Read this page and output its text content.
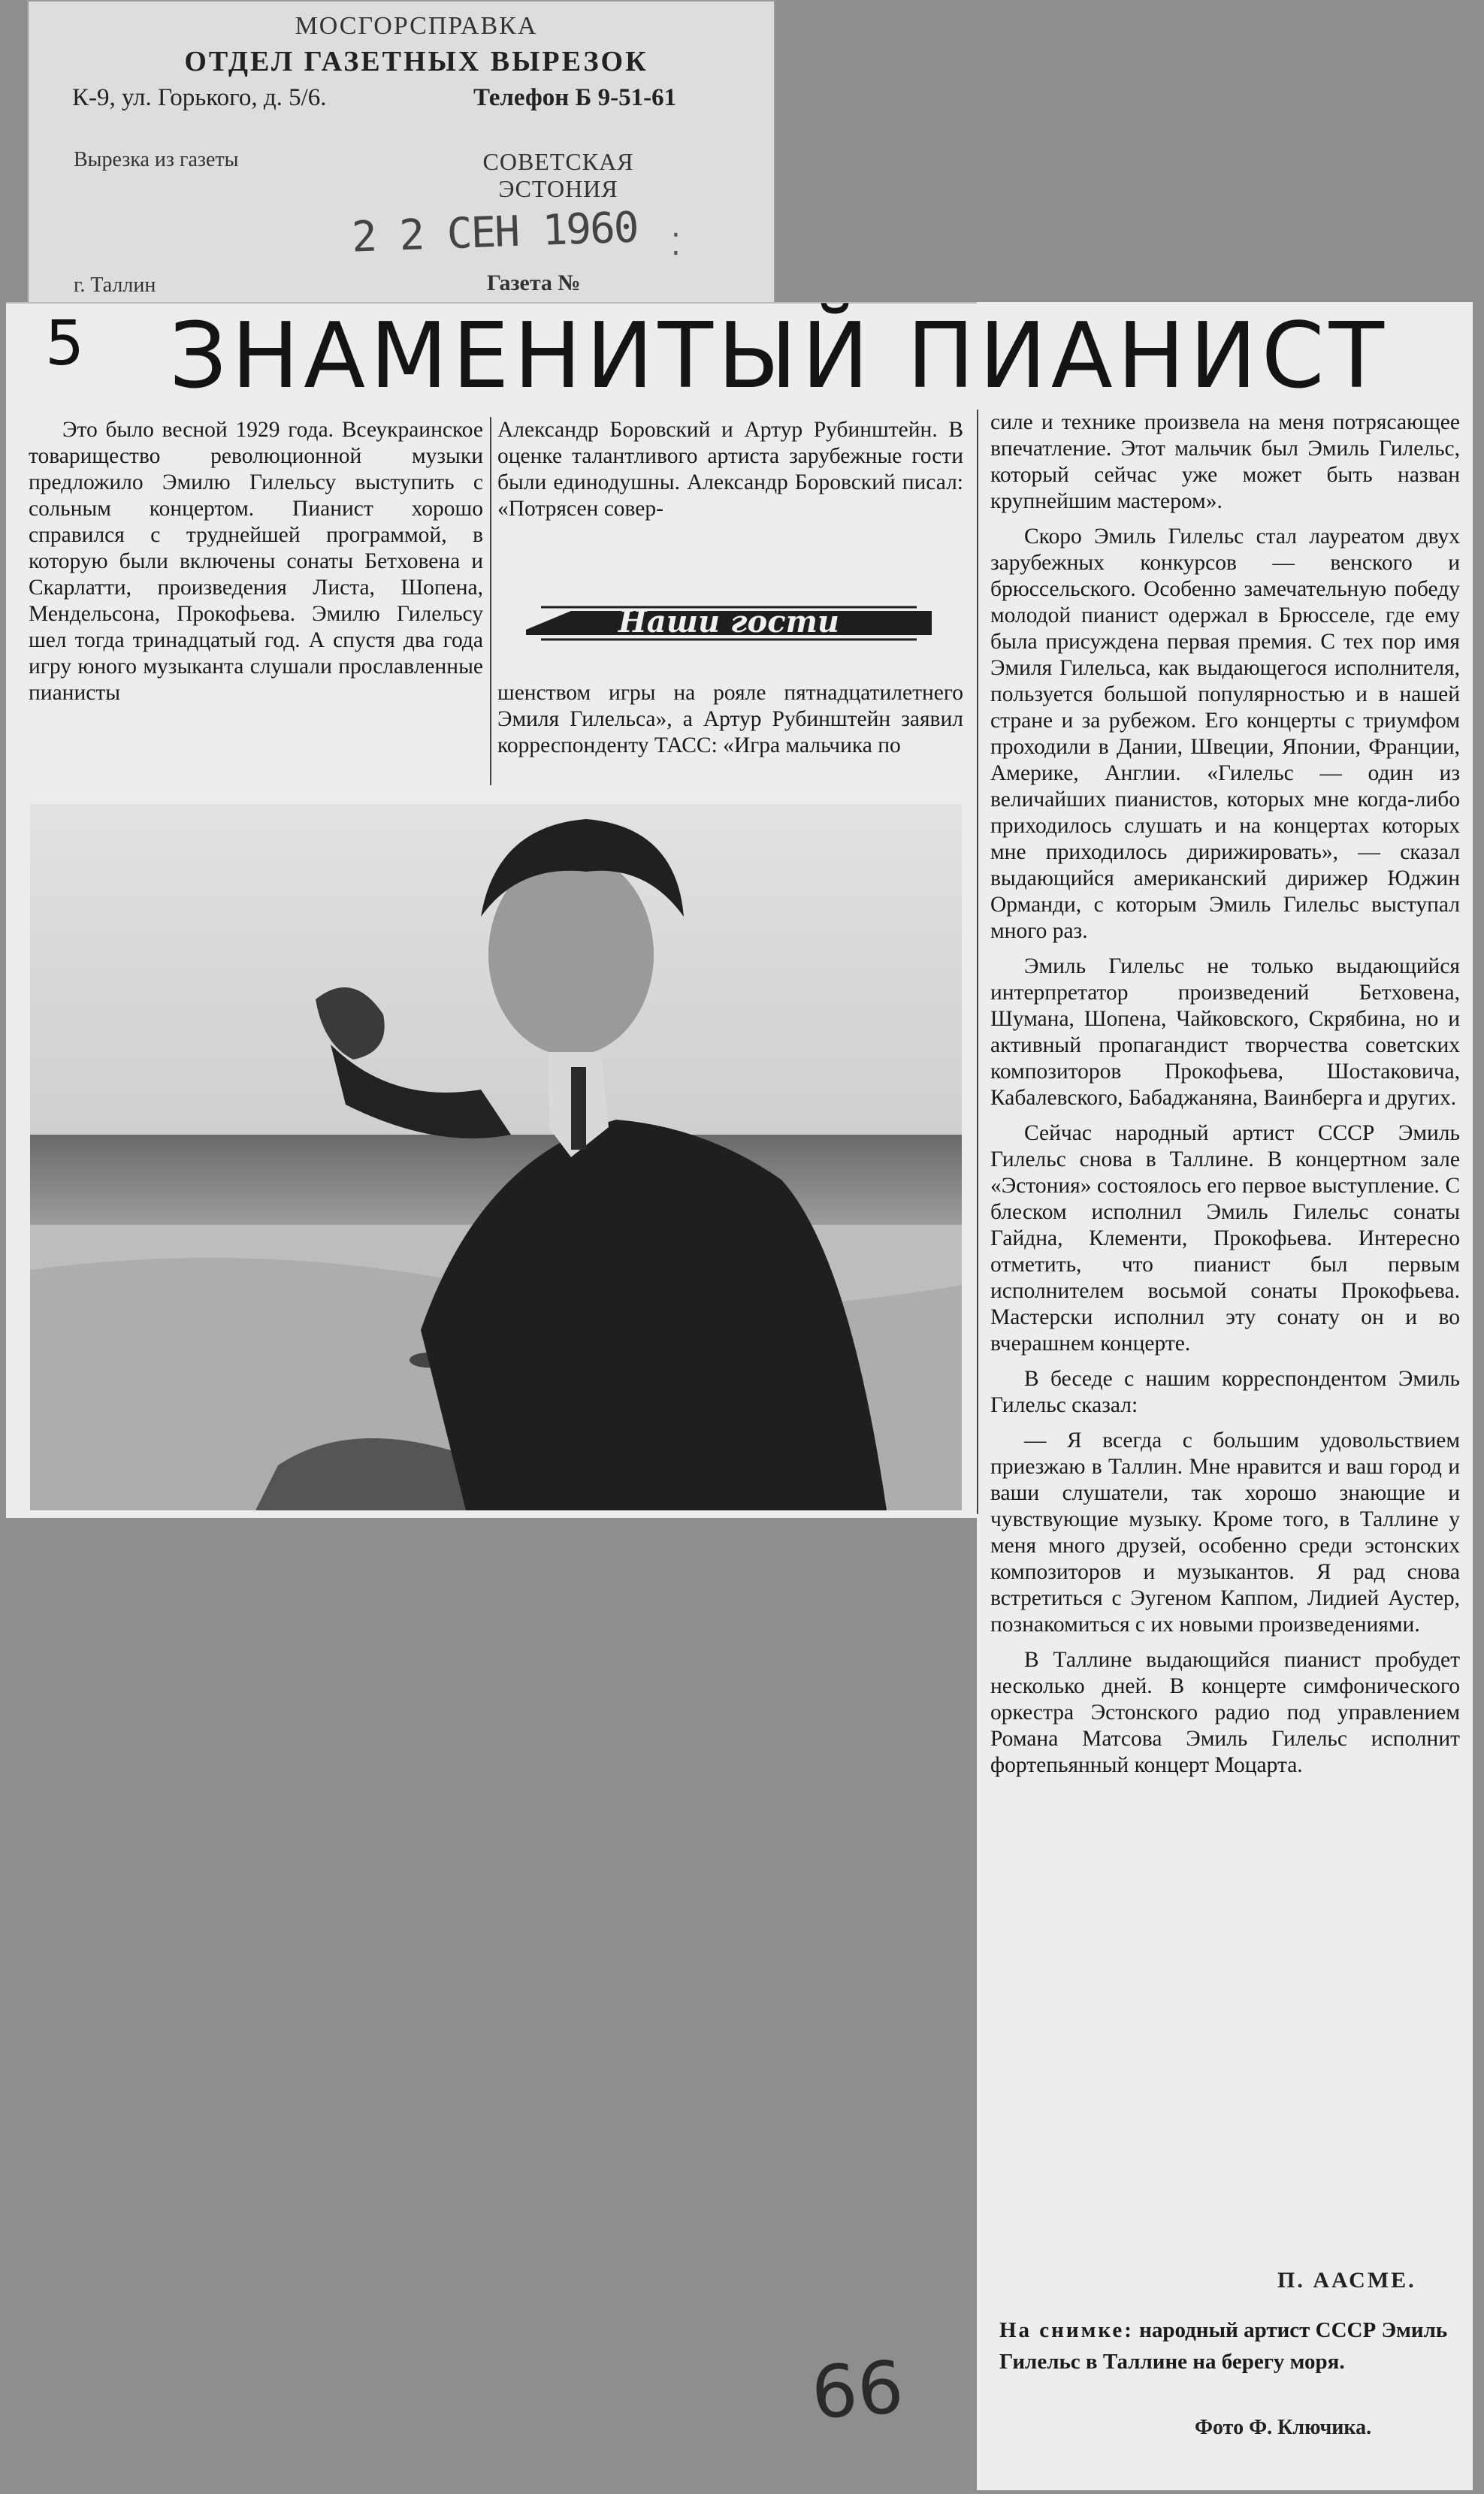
МОСГОРСПРАВКА
ОТДЕЛ ГАЗЕТНЫХ ВЫРЕЗОК
К-9, ул. Горького, д. 5/6.	Телефон Б 9-51-61
Вырезка из газеты	СОВЕТСКАЯ
ЭСТОНИЯ
2 2 СЕН 1960 ⁚
г. Таллин	Газета №
5 ЗНАМЕНИТЫЙ ПИАНИСТ

Это было весной 1929 года. Всеукраинское товарищество революционной музыки предложило Эмилю Гилельсу выступить с сольным концертом. Пианист хорошо справился с труднейшей программой, в которую были включены сонаты Бетховена и Скарлатти, произведения Листа, Шопена, Мендельсона, Прокофьева. Эмилю Гилельсу шел тогда тринадцатый год. А спустя два года игру юного музыканта слушали прославленные пианисты

Александр Боровский и Артур Рубинштейн. В оценке талантливого артиста зарубежные гости были единодушны. Александр Боровский писал: «Потрясен совер-

Наши гости

шенством игры на рояле пятнадцатилетнего Эмиля Гилельса», а Артур Рубинштейн заявил корреспонденту ТАСС: «Игра мальчика по

силе и технике произвела на меня потрясающее впечатление. Этот мальчик был Эмиль Гилельс, который сейчас уже может быть назван крупнейшим мастером».

Скоро Эмиль Гилельс стал лауреатом двух зарубежных конкурсов — венского и брюссельского. Особенно замечательную победу молодой пианист одержал в Брюсселе, где ему была присуждена первая премия. С тех пор имя Эмиля Гилельса, как выдающегося исполнителя, пользуется большой популярностью и в нашей стране и за рубежом. Его концерты с триумфом проходили в Дании, Швеции, Японии, Франции, Америке, Англии. «Гилельс — один из величайших пианистов, которых мне когда-либо приходилось слушать и на концертах которых мне приходилось дирижировать», — сказал выдающийся американский дирижер Юджин Орманди, с которым Эмиль Гилельс выступал много раз.

Эмиль Гилельс не только выдающийся интерпретатор произведений Бетховена, Шумана, Шопена, Чайковского, Скрябина, но и активный пропагандист творчества советских композиторов Прокофьева, Шостаковича, Кабалевского, Бабаджаняна, Ваинберга и других.

Сейчас народный артист СССР Эмиль Гилельс снова в Таллине. В концертном зале «Эстония» состоялось его первое выступление. С блеском исполнил Эмиль Гилельс сонаты Гайдна, Клементи, Прокофьева. Интересно отметить, что пианист был первым исполнителем восьмой сонаты Прокофьева. Мастерски исполнил эту сонату он и во вчерашнем концерте.

В беседе с нашим корреспондентом Эмиль Гилельс сказал:

— Я всегда с большим удовольствием приезжаю в Таллин. Мне нравится и ваш город и ваши слушатели, так хорошо знающие и чувствующие музыку. Кроме того, в Таллине у меня много друзей, особенно среди эстонских композиторов и музыкантов. Я рад снова встретиться с Эугеном Каппом, Лидией Аустер, познакомиться с их новыми произведениями.

В Таллине выдающийся пианист пробудет несколько дней. В концерте симфонического оркестра Эстонского радио под управлением Романа Матсова Эмиль Гилельс исполнит фортепьянный концерт Моцарта.

П. ААСМЕ.
На снимке: народный артист СССР Эмиль Гилельс в Таллине на берегу моря.
Фото Ф. Ключика.
66
